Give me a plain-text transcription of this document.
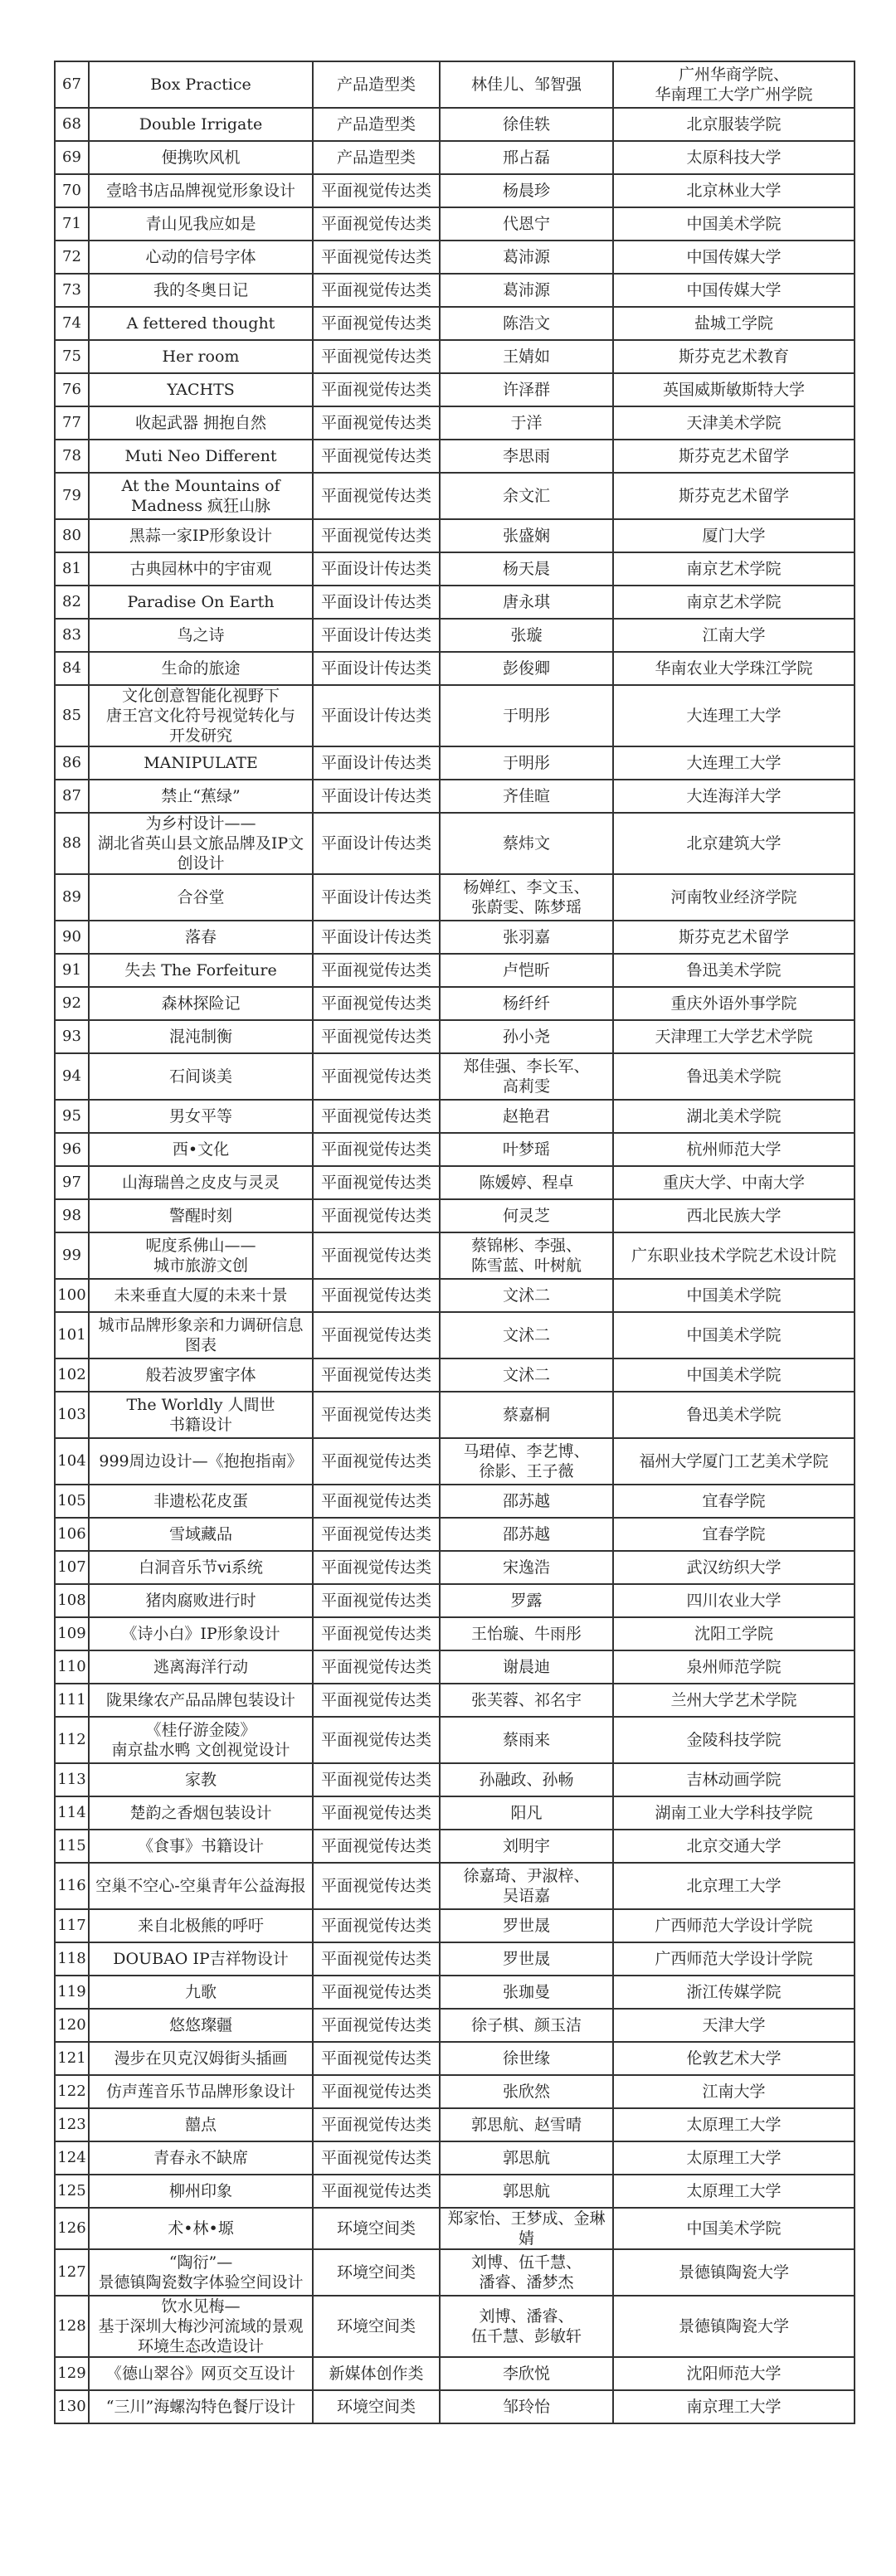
67	Box Practice	产品造型类	林佳儿、邹智强	广州华商学院、
华南理工大学广州学院
68	Double Irrigate	产品造型类	徐佳轶	北京服装学院
69	便携吹风机	产品造型类	邢占磊	太原科技大学
70	壹晗书店品牌视觉形象设计	平面视觉传达类	杨晨珍	北京林业大学
71	青山见我应如是	平面视觉传达类	代恩宁	中国美术学院
72	心动的信号字体	平面视觉传达类	葛沛源	中国传媒大学
73	我的冬奥日记	平面视觉传达类	葛沛源	中国传媒大学
74	A fettered thought	平面视觉传达类	陈浩文	盐城工学院
75	Her room	平面视觉传达类	王婧如	斯芬克艺术教育
76	YACHTS	平面视觉传达类	许泽群	英国威斯敏斯特大学
77	收起武器 拥抱自然	平面视觉传达类	于洋	天津美术学院
78	Muti Neo Different	平面视觉传达类	李思雨	斯芬克艺术留学
79	At the Mountains of
Madness 疯狂山脉	平面视觉传达类	余文汇	斯芬克艺术留学
80	黑蒜一家IP形象设计	平面视觉传达类	张盛娴	厦门大学
81	古典园林中的宇宙观	平面设计传达类	杨天晨	南京艺术学院
82	Paradise On Earth	平面设计传达类	唐永琪	南京艺术学院
83	鸟之诗	平面设计传达类	张璇	江南大学
84	生命的旅途	平面设计传达类	彭俊卿	华南农业大学珠江学院
85	文化创意智能化视野下
唐王宫文化符号视觉转化与
开发研究	平面设计传达类	于明彤	大连理工大学
86	MANIPULATE	平面设计传达类	于明彤	大连理工大学
87	禁止“蕉绿”	平面设计传达类	齐佳暄	大连海洋大学
88	为乡村设计——
湖北省英山县文旅品牌及IP文
创设计	平面设计传达类	蔡炜文	北京建筑大学
89	合谷堂	平面设计传达类	杨婵红、李文玉、
张蔚雯、陈梦瑶	河南牧业经济学院
90	落春	平面设计传达类	张羽嘉	斯芬克艺术留学
91	失去 The Forfeiture	平面视觉传达类	卢恺昕	鲁迅美术学院
92	森林探险记	平面视觉传达类	杨纤纤	重庆外语外事学院
93	混沌制衡	平面视觉传达类	孙小尧	天津理工大学艺术学院
94	石间谈美	平面视觉传达类	郑佳强、李长军、
高莉雯	鲁迅美术学院
95	男女平等	平面视觉传达类	赵艳君	湖北美术学院
96	西•文化	平面视觉传达类	叶梦瑶	杭州师范大学
97	山海瑞兽之皮皮与灵灵	平面视觉传达类	陈媛婷、程卓	重庆大学、中南大学
98	警醒时刻	平面视觉传达类	何灵芝	西北民族大学
99	呢度系佛山——
城市旅游文创	平面视觉传达类	蔡锦彬、李强、
陈雪蓝、叶树航	广东职业技术学院艺术设计院
100	未来垂直大厦的未来十景	平面视觉传达类	文沭二	中国美术学院
101	城市品牌形象亲和力调研信息
图表	平面视觉传达类	文沭二	中国美术学院
102	般若波罗蜜字体	平面视觉传达类	文沭二	中国美术学院
103	The Worldly 人間世
书籍设计	平面视觉传达类	蔡嘉桐	鲁迅美术学院
104	999周边设计—《抱抱指南》	平面视觉传达类	马珺倬、李艺博、
徐影、王子薇	福州大学厦门工艺美术学院
105	非遗松花皮蛋	平面视觉传达类	邵苏越	宜春学院
106	雪域藏品	平面视觉传达类	邵苏越	宜春学院
107	白洞音乐节vi系统	平面视觉传达类	宋逸浩	武汉纺织大学
108	猪肉腐败进行时	平面视觉传达类	罗露	四川农业大学
109	《诗小白》IP形象设计	平面视觉传达类	王怡璇、牛雨彤	沈阳工学院
110	逃离海洋行动	平面视觉传达类	谢晨迪	泉州师范学院
111	陇果缘农产品品牌包装设计	平面视觉传达类	张芙蓉、祁名宇	兰州大学艺术学院
112	《桂仔游金陵》
南京盐水鸭 文创视觉设计	平面视觉传达类	蔡雨来	金陵科技学院
113	家教	平面视觉传达类	孙融政、孙畅	吉林动画学院
114	楚韵之香烟包装设计	平面视觉传达类	阳凡	湖南工业大学科技学院
115	《食事》书籍设计	平面视觉传达类	刘明宇	北京交通大学
116	空巢不空心-空巢青年公益海报	平面视觉传达类	徐嘉琦、尹淑梓、
吴语嘉	北京理工大学
117	来自北极熊的呼吁	平面视觉传达类	罗世晟	广西师范大学设计学院
118	DOUBAO IP吉祥物设计	平面视觉传达类	罗世晟	广西师范大学设计学院
119	九歌	平面视觉传达类	张珈曼	浙江传媒学院
120	悠悠璨疆	平面视觉传达类	徐子棋、颜玉洁	天津大学
121	漫步在贝克汉姆街头插画	平面视觉传达类	徐世缘	伦敦艺术大学
122	仿声莲音乐节品牌形象设计	平面视觉传达类	张欣然	江南大学
123	囍点	平面视觉传达类	郭思航、赵雪晴	太原理工大学
124	青春永不缺席	平面视觉传达类	郭思航	太原理工大学
125	柳州印象	平面视觉传达类	郭思航	太原理工大学
126	术•林•塬	环境空间类	郑家怡、王梦成、金琳婧	中国美术学院
127	“陶衍”—
景德镇陶瓷数字体验空间设计	环境空间类	刘博、伍千慧、
潘睿、潘梦杰	景德镇陶瓷大学
128	饮水见梅—
基于深圳大梅沙河流域的景观
环境生态改造设计	环境空间类	刘博、潘睿、
伍千慧、彭敏轩	景德镇陶瓷大学
129	《德山翠谷》网页交互设计	新媒体创作类	李欣悦	沈阳师范大学
130	“三川”海螺沟特色餐厅设计	环境空间类	邹玲怡	南京理工大学
